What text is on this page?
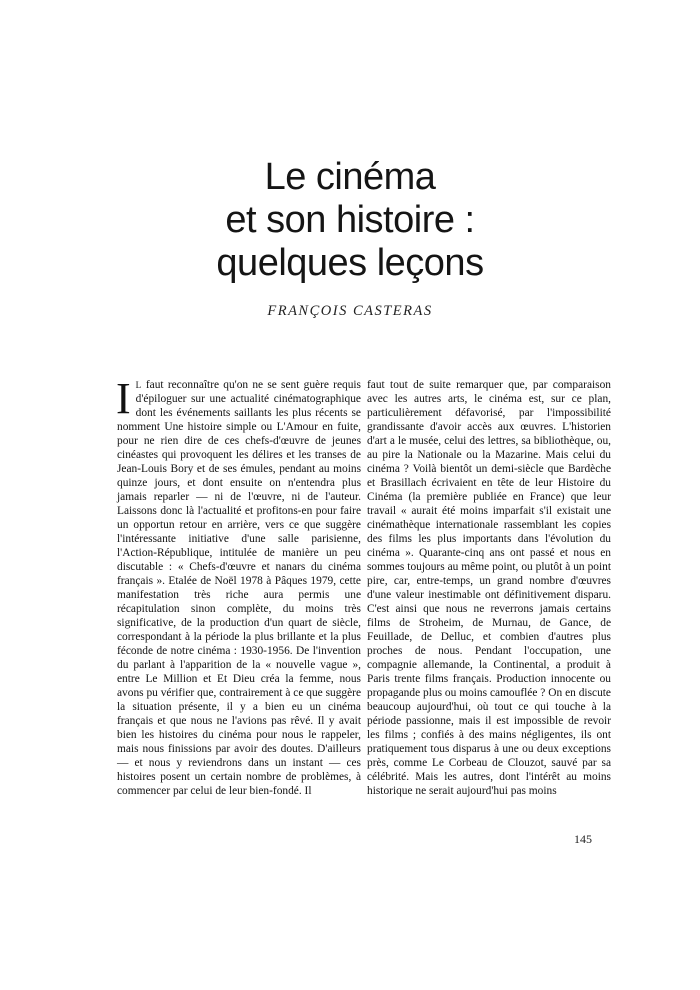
Le cinéma
et son histoire :
quelques leçons
FRANÇOIS CASTERAS

I L faut reconnaître qu'on ne se sent guère requis d'épiloguer sur une actualité cinématographique dont les événements saillants les plus récents se nomment Une histoire simple ou L'Amour en fuite, pour ne rien dire de ces chefs-d'œuvre de jeunes cinéastes qui provoquent les délires et les transes de Jean-Louis Bory et de ses émules, pendant au moins quinze jours, et dont ensuite on n'entendra plus jamais reparler — ni de l'œuvre, ni de l'auteur. Laissons donc là l'actualité et profitons-en pour faire un opportun retour en arrière, vers ce que suggère l'intéressante initiative d'une salle parisienne, l'Action-République, intitulée de manière un peu discutable : « Chefs-d'œuvre et nanars du cinéma français ». Etalée de Noël 1978 à Pâques 1979, cette manifestation très riche aura permis une récapitulation sinon complète, du moins très significative, de la production d'un quart de siècle, correspondant à la période la plus brillante et la plus féconde de notre cinéma : 1930-1956. De l'invention du parlant à l'apparition de la « nouvelle vague », entre Le Million et Et Dieu créa la femme, nous avons pu vérifier que, contrairement à ce que suggère la situation présente, il y a bien eu un cinéma français et que nous ne l'avions pas rêvé. Il y avait bien les histoires du cinéma pour nous le rappeler, mais nous finissions par avoir des doutes. D'ailleurs — et nous y reviendrons dans un instant — ces histoires posent un certain nombre de problèmes, à commencer par celui de leur bien-fondé. Il

faut tout de suite remarquer que, par comparaison avec les autres arts, le cinéma est, sur ce plan, particulièrement défavorisé, par l'impossibilité grandissante d'avoir accès aux œuvres. L'historien d'art a le musée, celui des lettres, sa bibliothèque, ou, au pire la Nationale ou la Mazarine. Mais celui du cinéma ? Voilà bientôt un demi-siècle que Bardèche et Brasillach écrivaient en tête de leur Histoire du Cinéma (la première publiée en France) que leur travail « aurait été moins imparfait s'il existait une cinémathèque internationale rassemblant les copies des films les plus importants dans l'évolution du cinéma ». Quarante-cinq ans ont passé et nous en sommes toujours au même point, ou plutôt à un point pire, car, entre-temps, un grand nombre d'œuvres d'une valeur inestimable ont définitivement disparu. C'est ainsi que nous ne reverrons jamais certains films de Stroheim, de Murnau, de Gance, de Feuillade, de Delluc, et combien d'autres plus proches de nous. Pendant l'occupation, une compagnie allemande, la Continental, a produit à Paris trente films français. Production innocente ou propagande plus ou moins camouflée ? On en discute beaucoup aujourd'hui, où tout ce qui touche à la période passionne, mais il est impossible de revoir les films ; confiés à des mains négligentes, ils ont pratiquement tous disparus à une ou deux exceptions près, comme Le Corbeau de Clouzot, sauvé par sa célébrité. Mais les autres, dont l'intérêt au moins historique ne serait aujourd'hui pas moins

145
